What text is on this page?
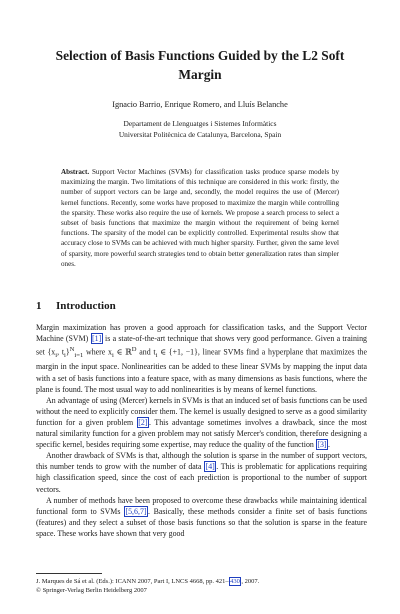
Selection of Basis Functions Guided by the L2 Soft Margin

Ignacio Barrio, Enrique Romero, and Lluís Belanche

Departament de Llenguatges i Sistemes Informàtics
Universitat Politècnica de Catalunya, Barcelona, Spain

Abstract. Support Vector Machines (SVMs) for classification tasks produce sparse models by maximizing the margin. Two limitations of this technique are considered in this work: firstly, the number of support vectors can be large and, secondly, the model requires the use of (Mercer) kernel functions. Recently, some works have proposed to maximize the margin while controlling the sparsity. These works also require the use of kernels. We propose a search process to select a subset of basis functions that maximize the margin without the requirement of being kernel functions. The sparsity of the model can be explicitly controlled. Experimental results show that accuracy close to SVMs can be achieved with much higher sparsity. Further, given the same level of sparsity, more powerful search strategies tend to obtain better generalization rates than simpler ones.

1 Introduction

Margin maximization has proven a good approach for classification tasks, and the Support Vector Machine (SVM) [1] is a state-of-the-art technique that shows very good performance. Given a training set {$x_i$, $t_i\}^N_{i=1}$ where $x_i$ ∈ ℝ$^D$ and $t_i$ ∈ {+1, −1}, linear SVMs find a hyperplane that maximizes the margin in the input space. Nonlinearities can be added to these linear SVMs by mapping the input data with a set of basis functions into a feature space, with as many dimensions as basis functions, where the plane is found. The most usual way to add nonlinearities is by means of kernel functions.

An advantage of using (Mercer) kernels in SVMs is that an induced set of basis functions can be used without the need to explicitly consider them. The kernel is usually designed to serve as a good similarity function for a given problem [2] . This advantage sometimes involves a drawback, since the most natural similarity function for a given problem may not satisfy Mercer's condition, therefore designing a specific kernel, besides requiring some expertise, may reduce the quality of the function [3] .

Another drawback of SVMs is that, although the solution is sparse in the number of support vectors, this number tends to grow with the number of data [4] . This is problematic for applications requiring high classification speed, since the cost of each prediction is proportional to the number of support vectors.

A number of methods have been proposed to overcome these drawbacks while maintaining identical functional form to SVMs [5,6,7] . Basically, these methods consider a finite set of basis functions (features) and they select a subset of those basis functions so that the solution is sparse in the feature space. These works have shown that very good

J. Marques de Sá et al. (Eds.): ICANN 2007, Part I, LNCS 4668, pp. 421– 430 , 2007.
© Springer-Verlag Berlin Heidelberg 2007
